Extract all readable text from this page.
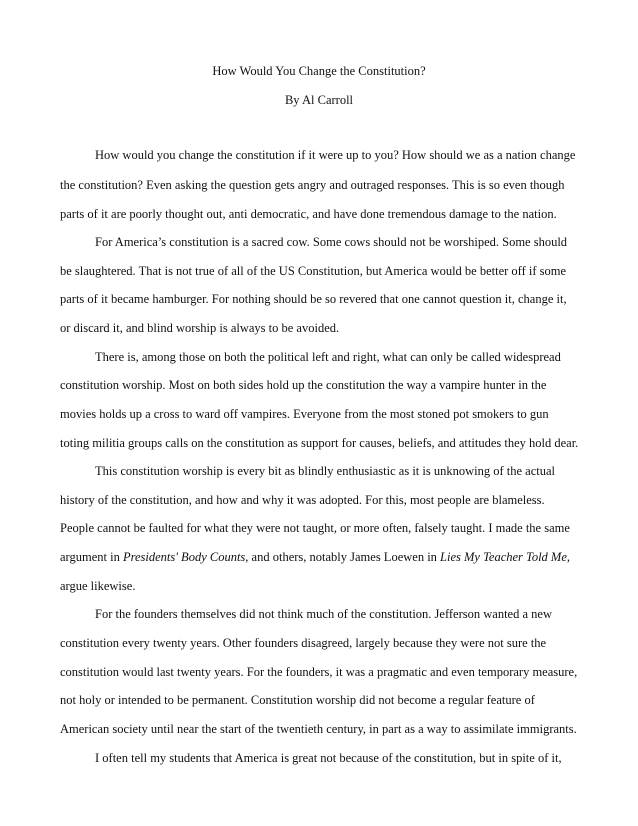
How Would You Change the Constitution?
By Al Carroll
How would you change the constitution if it were up to you? How should we as a nation change
the constitution? Even asking the question gets angry and outraged responses. This is so even though
parts of it are poorly thought out, anti democratic, and have done tremendous damage to the nation.
For America’s constitution is a sacred cow. Some cows should not be worshiped. Some should
be slaughtered. That is not true of all of the US Constitution, but America would be better off if some
parts of it became hamburger. For nothing should be so revered that one cannot question it, change it,
or discard it, and blind worship is always to be avoided.
There is, among those on both the political left and right, what can only be called widespread
constitution worship. Most on both sides hold up the constitution the way a vampire hunter in the
movies holds up a cross to ward off vampires. Everyone from the most stoned pot smokers to gun
toting militia groups calls on the constitution as support for causes, beliefs, and attitudes they hold dear.
This constitution worship is every bit as blindly enthusiastic as it is unknowing of the actual
history of the constitution, and how and why it was adopted. For this, most people are blameless.
People cannot be faulted for what they were not taught, or more often, falsely taught. I made the same
argument in Presidents' Body Counts, and others, notably James Loewen in Lies My Teacher Told Me,
argue likewise.
For the founders themselves did not think much of the constitution. Jefferson wanted a new
constitution every twenty years. Other founders disagreed, largely because they were not sure the
constitution would last twenty years. For the founders, it was a pragmatic and even temporary measure,
not holy or intended to be permanent. Constitution worship did not become a regular feature of
American society until near the start of the twentieth century, in part as a way to assimilate immigrants.
I often tell my students that America is great not because of the constitution, but in spite of it,
